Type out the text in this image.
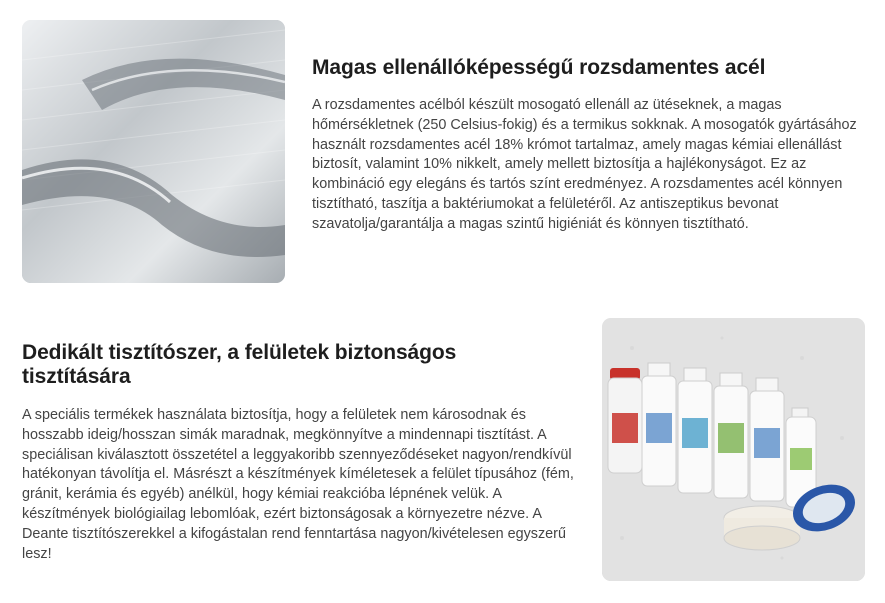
Magas ellenállóképességű rozsdamentes acél

A rozsdamentes acélból készült mosogató ellenáll az ütéseknek, a magas hőmérsékletnek (250 Celsius-fokig) és a termikus sokknak. A mosogatók gyártásához használt rozsdamentes acél 18% krómot tartalmaz, amely magas kémiai ellenállást biztosít, valamint 10% nikkelt, amely mellett biztosítja a hajlékonyságot. Ez az kombináció egy elegáns és tartós színt eredményez. A rozsdamentes acél könnyen tisztítható, taszítja a baktériumokat a felületéről. Az antiszeptikus bevonat szavatolja/garantálja a magas szintű higiéniát és könnyen tisztítható.

Dedikált tisztítószer, a felületek biztonságos tisztítására

A speciális termékek használata biztosítja, hogy a felületek nem károsodnak és hosszabb ideig/hosszan simák maradnak, megkönnyítve a mindennapi tisztítást. A speciálisan kiválasztott összetétel a leggyakoribb szennyeződéseket nagyon/rendkívül hatékonyan távolítja el. Másrészt a készítmények kíméletesek a felület típusához (fém, gránit, kerámia és egyéb) anélkül, hogy kémiai reakcióba lépnének velük. A készítmények biológiailag lebomlóak, ezért biztonságosak a környezetre nézve. A Deante tisztítószerekkel a kifogástalan rend fenntartása nagyon/kivételesen egyszerű lesz!
